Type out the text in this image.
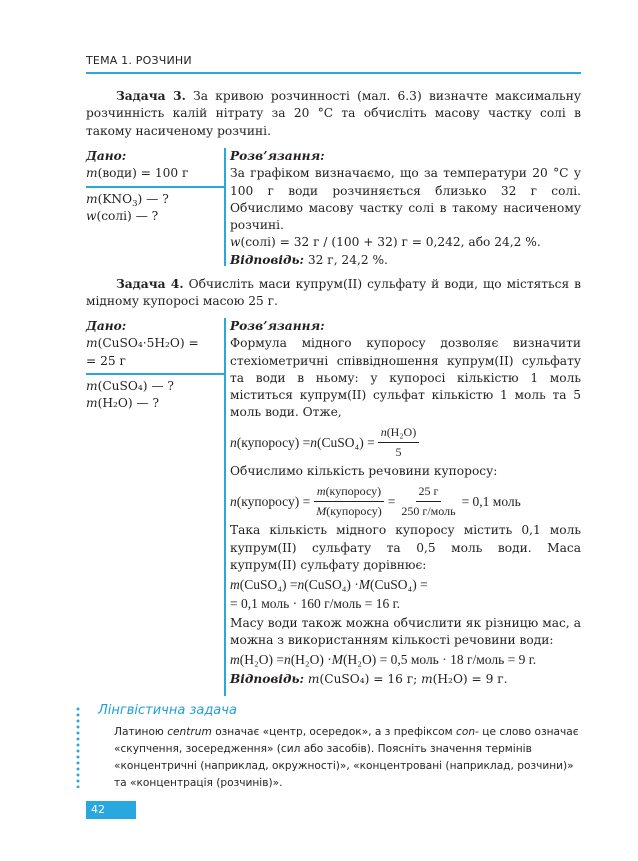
ТЕМА 1. РОЗЧИНИ
Задача 3. За кривою розчинності (мал. 6.3) визначте максимальну розчинність калій нітрату за 20 °С та обчисліть масову частку солі в такому насиченому розчині.
Дано:
m(води) = 100 г
$m(KNO_3)$ — ?
w(солі) — ?
Розв’язання:
За графіком визначаємо, що за температури 20 °С у 100 г води розчиняється близько 32 г солі. Обчислимо масову частку солі в такому насиченому розчині.
w(солі) = 32 г / (100 + 32) г = 0,242, або 24,2 %.
Відповідь: 32 г, 24,2 %.
Задача 4. Обчисліть маси купрум(ІІ) сульфату й води, що містяться в мідному купоросі масою 25 г.
Дано:
m(CuSO₄·5H₂O) =
= 25 г
m(CuSO₄) — ?
m(H₂O) — ?
Розв’язання:
Формула мідного купоросу дозволяє визначити стехіометричні співвідношення купрум(ІІ) сульфату та води в ньому: у купоросі кількістю 1 моль міститься купрум(ІІ) сульфат кількістю 1 моль та 5 моль води. Отже,
n (купоросу) = n (CuSO₄) = $\frac{\text{n(H₂O)}}{5}$
Обчислимо кількість речовини купоросу:
n (купоросу) = $\frac{\text{m(купоросу)}}{\text{M(купоросу)}} = \frac{25 г}{\text{250 г/моль}} = 0,1$ моль
Така кількість мідного купоросу містить 0,1 моль купрум(ІІ) сульфату та 0,5 моль води. Маса купрум(ІІ) сульфату дорівнює:
m (CuSO₄) = n (CuSO₄) · M (CuSO₄) =
= 0,1 моль · 160 г/моль = 16 г.
Масу води також можна обчислити як різницю мас, а можна з використанням кількості речовини води:
m (H₂O) = n (H₂O) · M (H₂O) = 0,5 моль · 18 г/моль = 9 г.
Відповідь: m(CuSO₄) = 16 г; m(H₂O) = 9 г.
Лінгвістична задача
Латиною centrum означає «центр, осередок», а з префіксом con- це слово означає «скупчення, зосередження» (сил або засобів). Поясніть значення термінів «концентричні (наприклад, окружності)», «концентровані (наприклад, розчини)» та «концентрація (розчинів)».
42
